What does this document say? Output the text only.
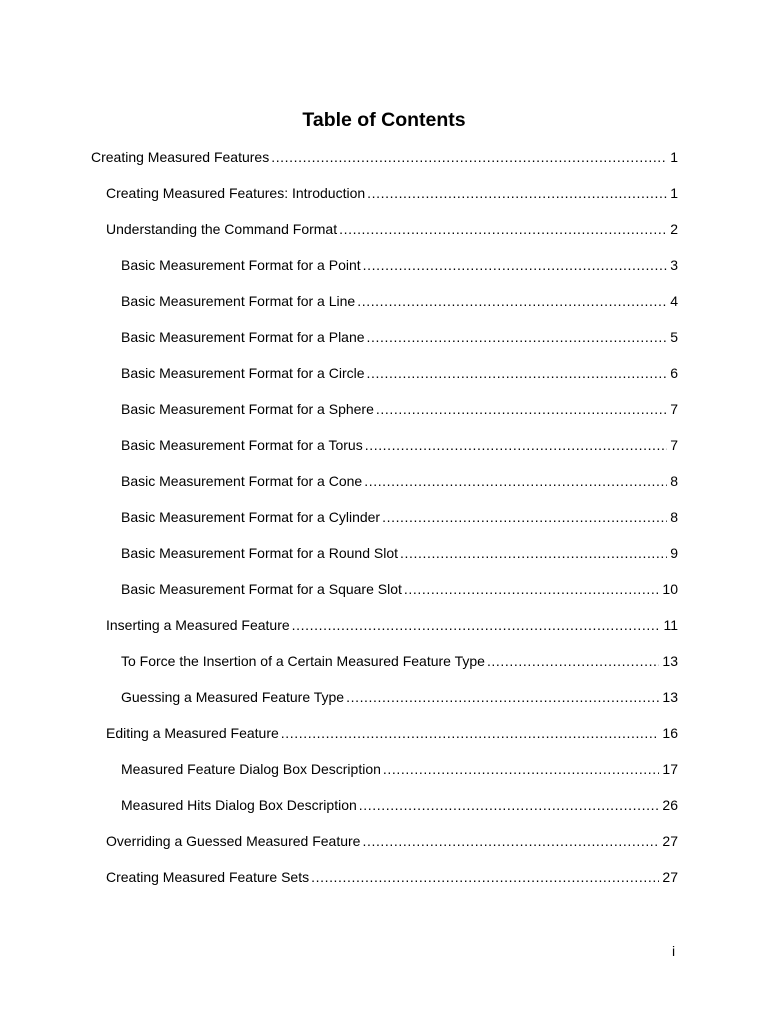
Table of Contents
Creating Measured Features .....	1
Creating Measured Features: Introduction .....	1
Understanding the Command Format .....	2
Basic Measurement Format for a Point .....	3
Basic Measurement Format for a Line .....	4
Basic Measurement Format for a Plane .....	5
Basic Measurement Format for a Circle .....	6
Basic Measurement Format for a Sphere .....	7
Basic Measurement Format for a Torus .....	7
Basic Measurement Format for a Cone .....	8
Basic Measurement Format for a Cylinder .....	8
Basic Measurement Format for a Round Slot .....	9
Basic Measurement Format for a Square Slot .....	10
Inserting a Measured Feature .....	11
To Force the Insertion of a Certain Measured Feature Type .....	13
Guessing a Measured Feature Type .....	13
Editing a Measured Feature .....	16
Measured Feature Dialog Box Description .....	17
Measured Hits Dialog Box Description .....	26
Overriding a Guessed Measured Feature .....	27
Creating Measured Feature Sets .....	27
i
